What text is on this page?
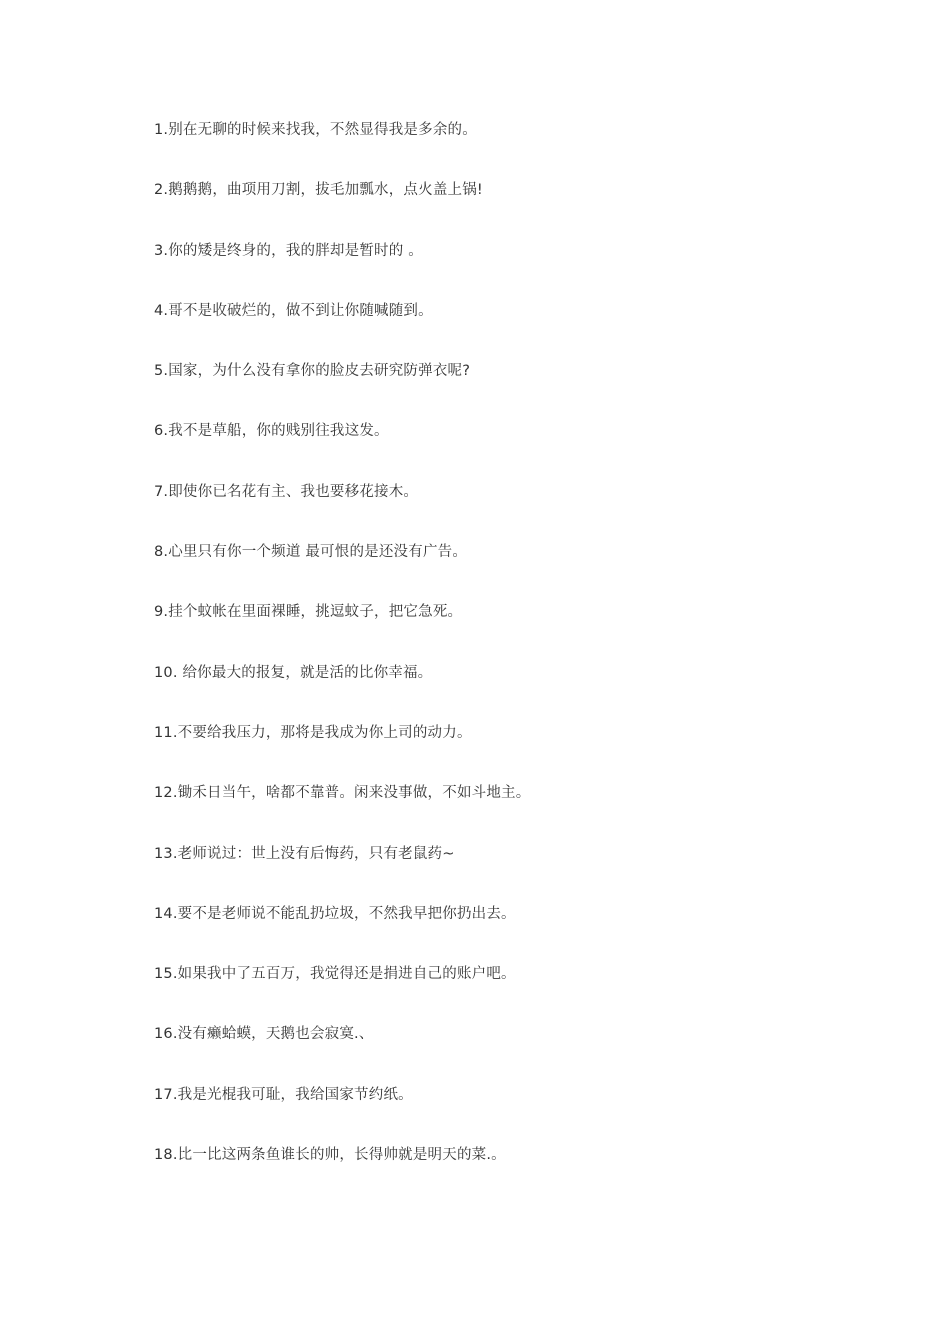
1.别在无聊的时候来找我，不然显得我是多余的。
2.鹅鹅鹅，曲项用刀割，拔毛加瓢水，点火盖上锅!
3.你的矮是终身的，我的胖却是暂时的 。
4.哥不是收破烂的，做不到让你随喊随到。
5.国家，为什么没有拿你的脸皮去研究防弹衣呢?
6.我不是草船，你的贱别往我这发。
7.即使你已名花有主、我也要移花接木。
8.心里只有你一个频道 最可恨的是还没有广告。
9.挂个蚊帐在里面裸睡，挑逗蚊子，把它急死。
10. 给你最大的报复，就是活的比你幸福。
11.不要给我压力，那将是我成为你上司的动力。
12.锄禾日当午，啥都不靠普。闲来没事做，不如斗地主。
13.老师说过：世上没有后悔药，只有老鼠药~
14.要不是老师说不能乱扔垃圾，不然我早把你扔出去。
15.如果我中了五百万，我觉得还是捐进自己的账户吧。
16.没有癞蛤蟆，天鹅也会寂寞.、
17.我是光棍我可耻，我给国家节约纸。
18.比一比这两条鱼谁长的帅，长得帅就是明天的菜.。
